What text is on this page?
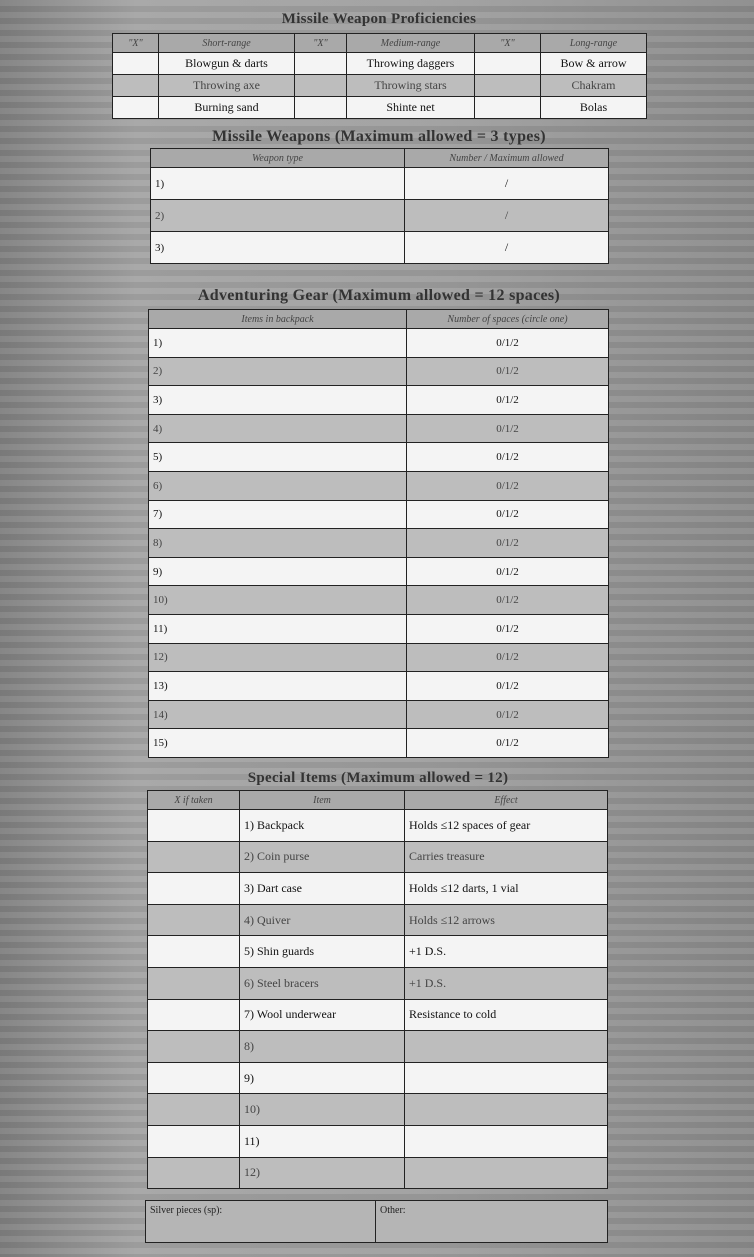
Missile Weapon Proficiencies
"X"	Short-range	"X"	Medium-range	"X"	Long-range
	Blowgun & darts		Throwing daggers		Bow & arrow
	Throwing axe		Throwing stars		Chakram
	Burning sand		Shinte net		Bolas
Missile Weapons (Maximum allowed = 3 types)
Weapon type	Number / Maximum allowed
1)	/
2)	/
3)	/
Adventuring Gear (Maximum allowed = 12 spaces)
Items in backpack	Number of spaces (circle one)
1)	0/1/2
2)	0/1/2
3)	0/1/2
4)	0/1/2
5)	0/1/2
6)	0/1/2
7)	0/1/2
8)	0/1/2
9)	0/1/2
10)	0/1/2
11)	0/1/2
12)	0/1/2
13)	0/1/2
14)	0/1/2
15)	0/1/2
Special Items (Maximum allowed = 12)
X if taken	Item	Effect
	1) Backpack	Holds ≤12 spaces of gear
	2) Coin purse	Carries treasure
	3) Dart case	Holds ≤12 darts, 1 vial
	4) Quiver	Holds ≤12 arrows
	5) Shin guards	+1 D.S.
	6) Steel bracers	+1 D.S.
	7) Wool underwear	Resistance to cold
	8)	
	9)	
	10)	
	11)	
	12)	
Silver pieces (sp):	Other:
